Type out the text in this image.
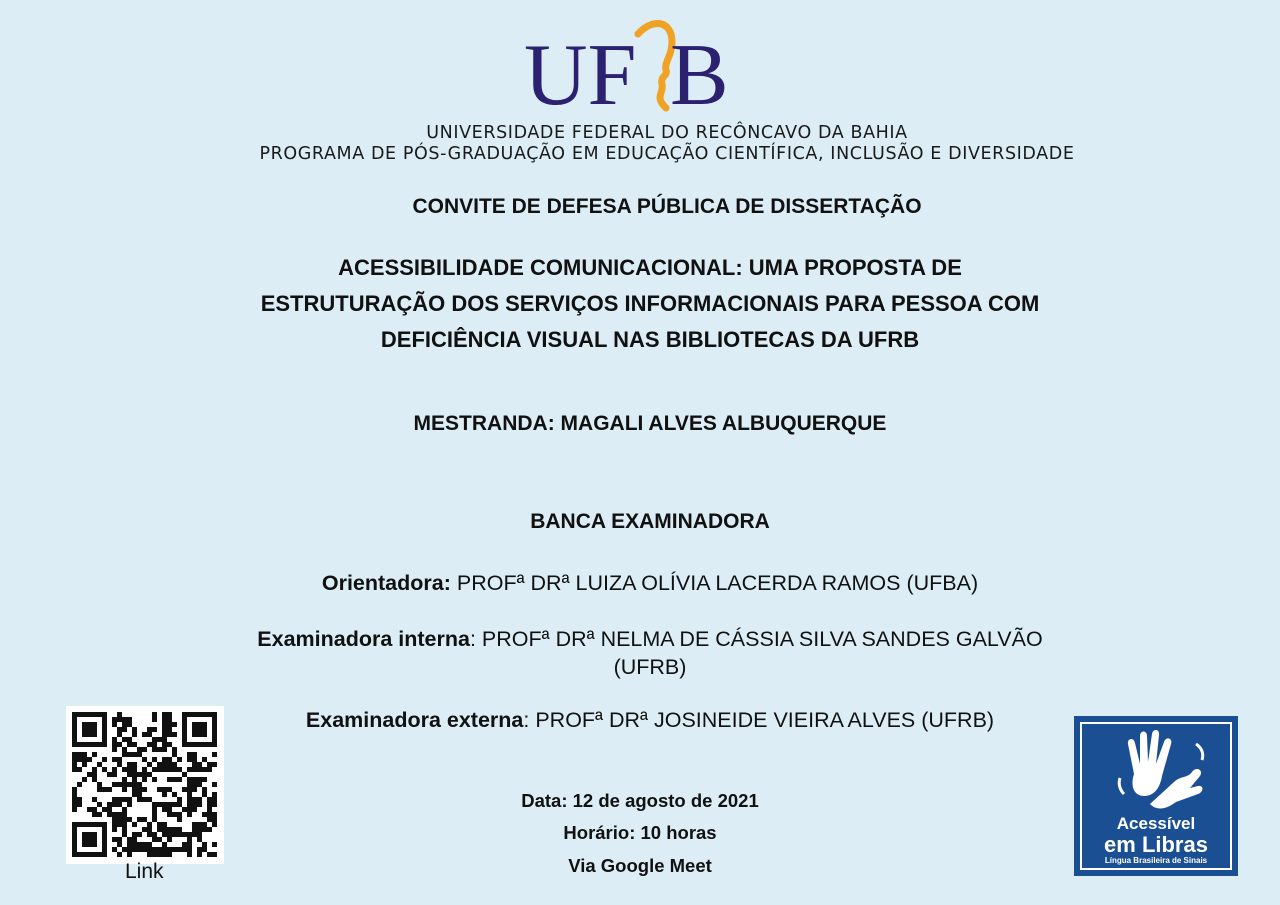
UF B
UNIVERSIDADE FEDERAL DO RECÔNCAVO DA BAHIA
PROGRAMA DE PÓS-GRADUAÇÃO EM EDUCAÇÃO CIENTÍFICA, INCLUSÃO E DIVERSIDADE
CONVITE DE DEFESA PÚBLICA DE DISSERTAÇÃO
ACESSIBILIDADE COMUNICACIONAL: UMA PROPOSTA DE
ESTRUTURAÇÃO DOS SERVIÇOS INFORMACIONAIS PARA PESSOA COM
DEFICIÊNCIA VISUAL NAS BIBLIOTECAS DA UFRB
MESTRANDA: MAGALI ALVES ALBUQUERQUE
BANCA EXAMINADORA
Orientadora: PROFª DRª LUIZA OLÍVIA LACERDA RAMOS (UFBA)
Examinadora interna: PROFª DRª NELMA DE CÁSSIA SILVA SANDES GALVÃO
(UFRB)
Examinadora externa: PROFª DRª JOSINEIDE VIEIRA ALVES (UFRB)
Data: 12 de agosto de 2021
Horário: 10 horas
Via Google Meet
Link
Acessível
em Libras
Língua Brasileira de Sinais
